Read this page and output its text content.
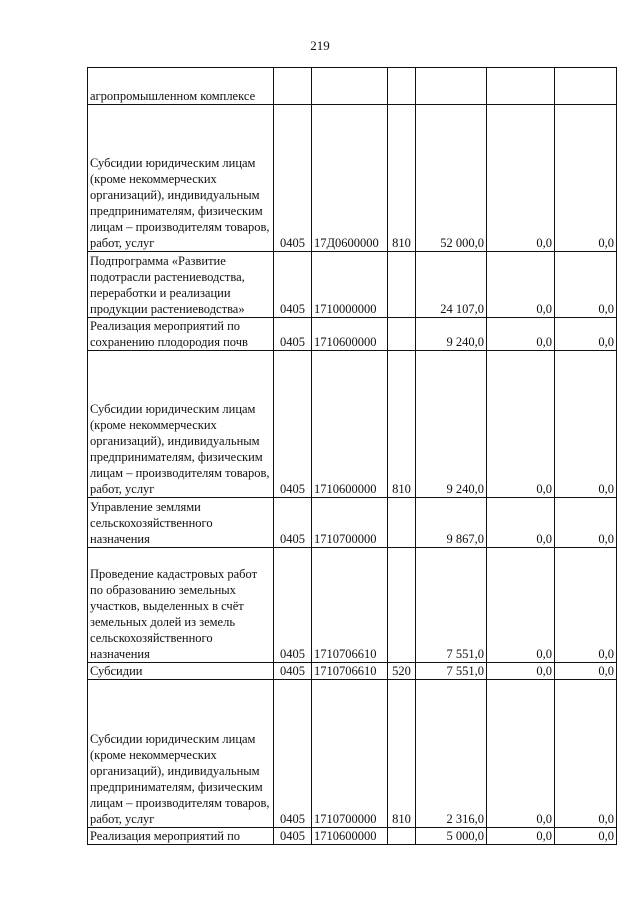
219
агропромышленном комплексе						
Субсидии юридическим лицам (кроме некоммерческих организаций), индивидуальным предпринимателям, физическим лицам – производителям товаров, работ, услуг	0405	17Д0600000	810	52 000,0	0,0	0,0
Подпрограмма «Развитие подотрасли растениеводства, переработки и реализации продукции растениеводства»	0405	1710000000		24 107,0	0,0	0,0
Реализация мероприятий по сохранению плодородия почв	0405	1710600000		9 240,0	0,0	0,0
Субсидии юридическим лицам (кроме некоммерческих организаций), индивидуальным предпринимателям, физическим лицам – производителям товаров, работ, услуг	0405	1710600000	810	9 240,0	0,0	0,0
Управление землями сельскохозяйственного назначения	0405	1710700000		9 867,0	0,0	0,0
Проведение кадастровых работ по образованию земельных участков, выделенных в счёт земельных долей из земель сельскохозяйственного назначения	0405	1710706610		7 551,0	0,0	0,0
Субсидии	0405	1710706610	520	7 551,0	0,0	0,0
Субсидии юридическим лицам (кроме некоммерческих организаций), индивидуальным предпринимателям, физическим лицам – производителям товаров, работ, услуг	0405	1710700000	810	2 316,0	0,0	0,0
Реализация мероприятий по	0405	1710600000		5 000,0	0,0	0,0
